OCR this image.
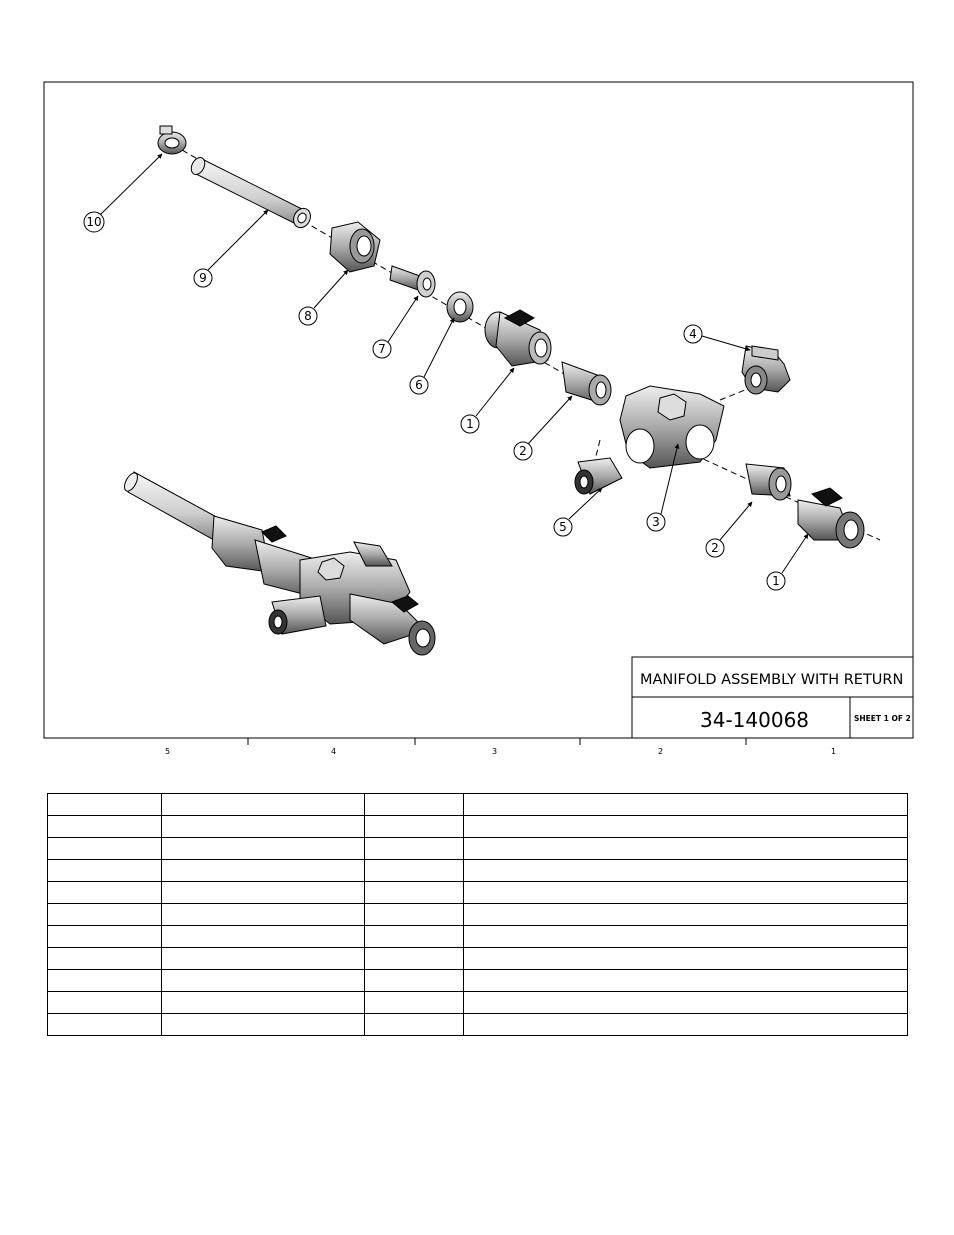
5	4	3	2	1
10
9
8
7
6
1
2
4
3
5
2
1
MANIFOLD ASSEMBLY WITH RETURN
34-140068	SHEET 1 OF 2
